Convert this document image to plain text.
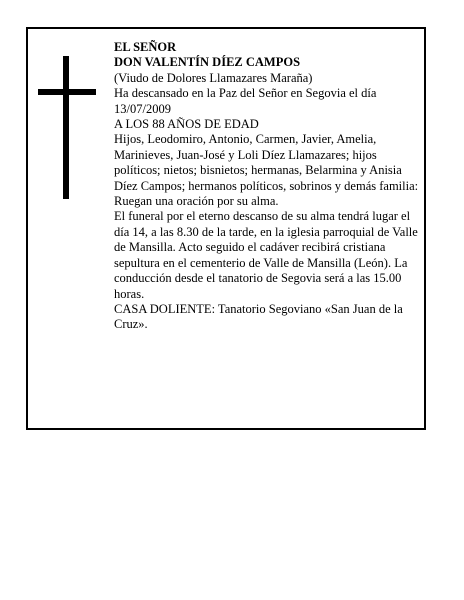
EL SEÑOR

DON VALENTÍN DÍEZ CAMPOS

(Viudo de Dolores Llamazares Maraña)

Ha descansado en la Paz del Señor en Segovia el día 13/07/2009

A LOS 88 AÑOS DE EDAD

Hijos, Leodomiro, Antonio, Carmen, Javier, Amelia, Marinieves, Juan-José y Loli Díez Llamazares; hijos políticos; nietos; bisnietos; hermanas, Belarmina y Anisia Díez Campos; hermanos políticos, sobrinos y demás familia:

Ruegan una oración por su alma.

El funeral por el eterno descanso de su alma tendrá lugar el día 14, a las 8.30 de la tarde, en la iglesia parroquial de Valle de Mansilla. Acto seguido el cadáver recibirá cristiana sepultura en el cementerio de Valle de Mansilla (León). La conducción desde el tanatorio de Segovia será a las 15.00 horas.

CASA DOLIENTE: Tanatorio Segoviano «San Juan de la Cruz».
